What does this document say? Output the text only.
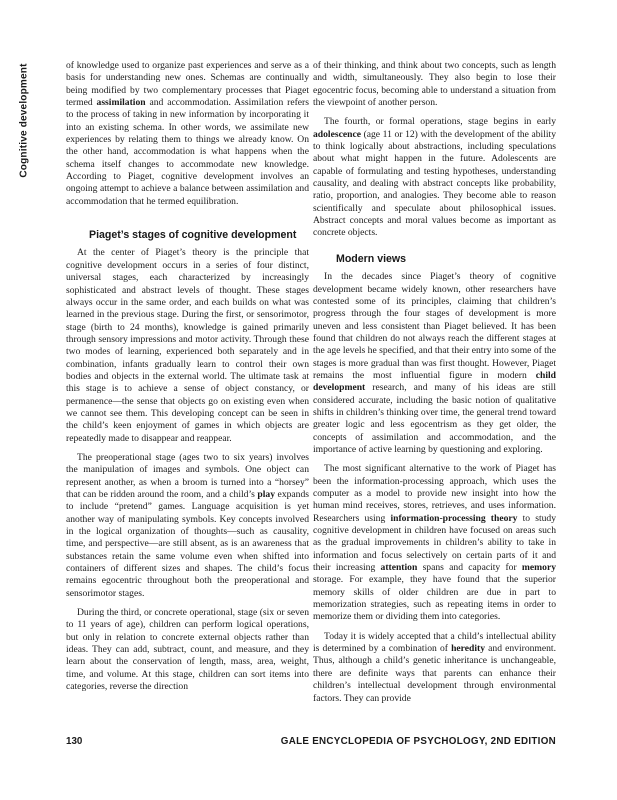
Cognitive development	of knowledge used to organize past experiences and serve as a basis for understanding new ones. Schemas are continually being modified by two complementary processes that Piaget termed assimilation and accommodation. Assimilation refers to the process of taking in new information by incorporating it into an existing schema. In other words, we assimilate new experiences by relating them to things we already know. On the other hand, accommodation is what happens when the schema itself changes to accommodate new knowledge. According to Piaget, cognitive development involves an ongoing attempt to achieve a balance between assimilation and accommodation that he termed equilibration.

Piaget’s stages of cognitive development

At the center of Piaget’s theory is the principle that cognitive development occurs in a series of four distinct, universal stages, each characterized by increasingly sophisticated and abstract levels of thought. These stages always occur in the same order, and each builds on what was learned in the previous stage. During the first, or sensorimotor, stage (birth to 24 months), knowledge is gained primarily through sensory impressions and motor activity. Through these two modes of learning, experienced both separately and in combination, infants gradually learn to control their own bodies and objects in the external world. The ultimate task at this stage is to achieve a sense of object constancy, or permanence—the sense that objects go on existing even when we cannot see them. This developing concept can be seen in the child’s keen enjoyment of games in which objects are repeatedly made to disappear and reappear.

The preoperational stage (ages two to six years) involves the manipulation of images and symbols. One object can represent another, as when a broom is turned into a “horsey” that can be ridden around the room, and a child’s play expands to include “pretend” games. Language acquisition is yet another way of manipulating symbols. Key concepts involved in the logical organization of thoughts—such as causality, time, and perspective—are still absent, as is an awareness that substances retain the same volume even when shifted into containers of different sizes and shapes. The child’s focus remains egocentric throughout both the preoperational and sensorimotor stages.

During the third, or concrete operational, stage (six or seven to 11 years of age), children can perform logical operations, but only in relation to concrete external objects rather than ideas. They can add, subtract, count, and measure, and they learn about the conservation of length, mass, area, weight, time, and volume. At this stage, children can sort items into categories, reverse the direction

of their thinking, and think about two concepts, such as length and width, simultaneously. They also begin to lose their egocentric focus, becoming able to understand a situation from the viewpoint of another person.

The fourth, or formal operations, stage begins in early adolescence (age 11 or 12) with the development of the ability to think logically about abstractions, including speculations about what might happen in the future. Adolescents are capable of formulating and testing hypotheses, understanding causality, and dealing with abstract concepts like probability, ratio, proportion, and analogies. They become able to reason scientifically and speculate about philosophical issues. Abstract concepts and moral values become as important as concrete objects.

Modern views

In the decades since Piaget’s theory of cognitive development became widely known, other researchers have contested some of its principles, claiming that children’s progress through the four stages of development is more uneven and less consistent than Piaget believed. It has been found that children do not always reach the different stages at the age levels he specified, and that their entry into some of the stages is more gradual than was first thought. However, Piaget remains the most influential figure in modern child development research, and many of his ideas are still considered accurate, including the basic notion of qualitative shifts in children’s thinking over time, the general trend toward greater logic and less egocentrism as they get older, the concepts of assimilation and accommodation, and the importance of active learning by questioning and exploring.

The most significant alternative to the work of Piaget has been the information-processing approach, which uses the computer as a model to provide new insight into how the human mind receives, stores, retrieves, and uses information. Researchers using information-processing theory to study cognitive development in children have focused on areas such as the gradual improvements in children’s ability to take in information and focus selectively on certain parts of it and their increasing attention spans and capacity for memory storage. For example, they have found that the superior memory skills of older children are due in part to memorization strategies, such as repeating items in order to memorize them or dividing them into categories.

Today it is widely accepted that a child’s intellectual ability is determined by a combination of heredity and environment. Thus, although a child’s genetic inheritance is unchangeable, there are definite ways that parents can enhance their children’s intellectual development through environmental factors. They can provide

130	GALE ENCYCLOPEDIA OF PSYCHOLOGY, 2ND EDITION
